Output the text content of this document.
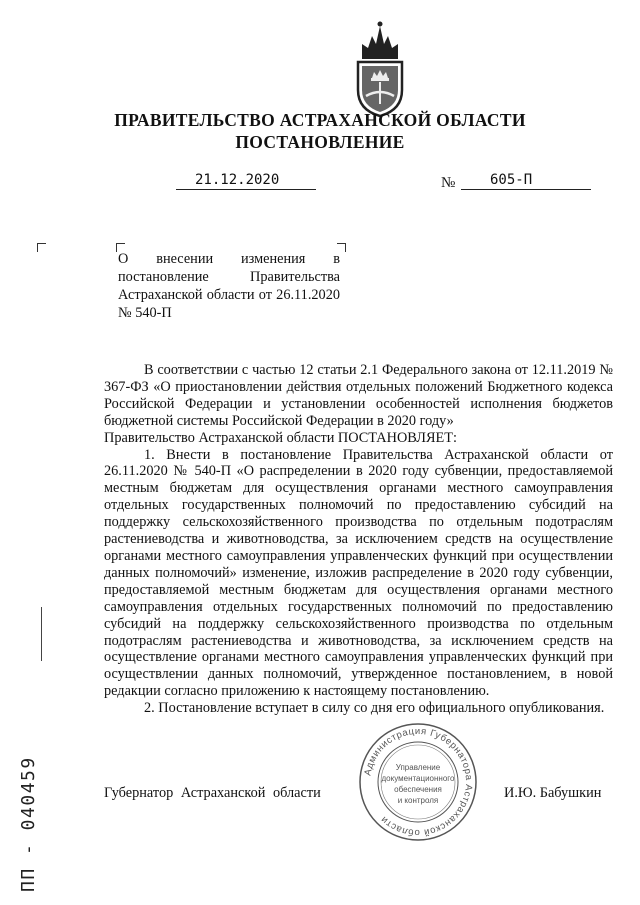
ПРАВИТЕЛЬСТВО АСТРАХАНСКОЙ ОБЛАСТИ
ПОСТАНОВЛЕНИЕ
21.12.2020	№ 605-П
О внесении изменения в постановление Правительства Астраханской области от 26.11.2020 № 540-П

В соответствии с частью 12 статьи 2.1 Федерального закона от 12.11.2019 № 367-ФЗ «О приостановлении действия отдельных положений Бюджетного кодекса Российской Федерации и установлении особенностей исполнения бюджетов бюджетной системы Российской Федерации в 2020 году»

Правительство Астраханской области ПОСТАНОВЛЯЕТ:

1. Внести в постановление Правительства Астраханской области от 26.11.2020 № 540-П «О распределении в 2020 году субвенции, предоставляемой местным бюджетам для осуществления органами местного самоуправления отдельных государственных полномочий по предоставлению субсидий на поддержку сельскохозяйственного производства по отдельным подотраслям растениеводства и животноводства, за исключением средств на осуществление органами местного самоуправления управленческих функций при осуществлении данных полномочий» изменение, изложив распределение в 2020 году субвенции, предоставляемой местным бюджетам для осуществления органами местного самоуправления отдельных государственных полномочий по предоставлению субсидий на поддержку сельскохозяйственного производства по отдельным подотраслям растениеводства и животноводства, за исключением средств на осуществление органами местного самоуправления управленческих функций при осуществлении данных полномочий, утвержденное постановлением, в новой редакции согласно приложению к настоящему постановлению.

2. Постановление вступает в силу со дня его официального опубликования.

Губернатор Астраханской области	И.Ю. Бабушкин
Администрация Губернатора Астраханской области
Управление
документационного
обеспечения
и контроля
ПП - 040459
